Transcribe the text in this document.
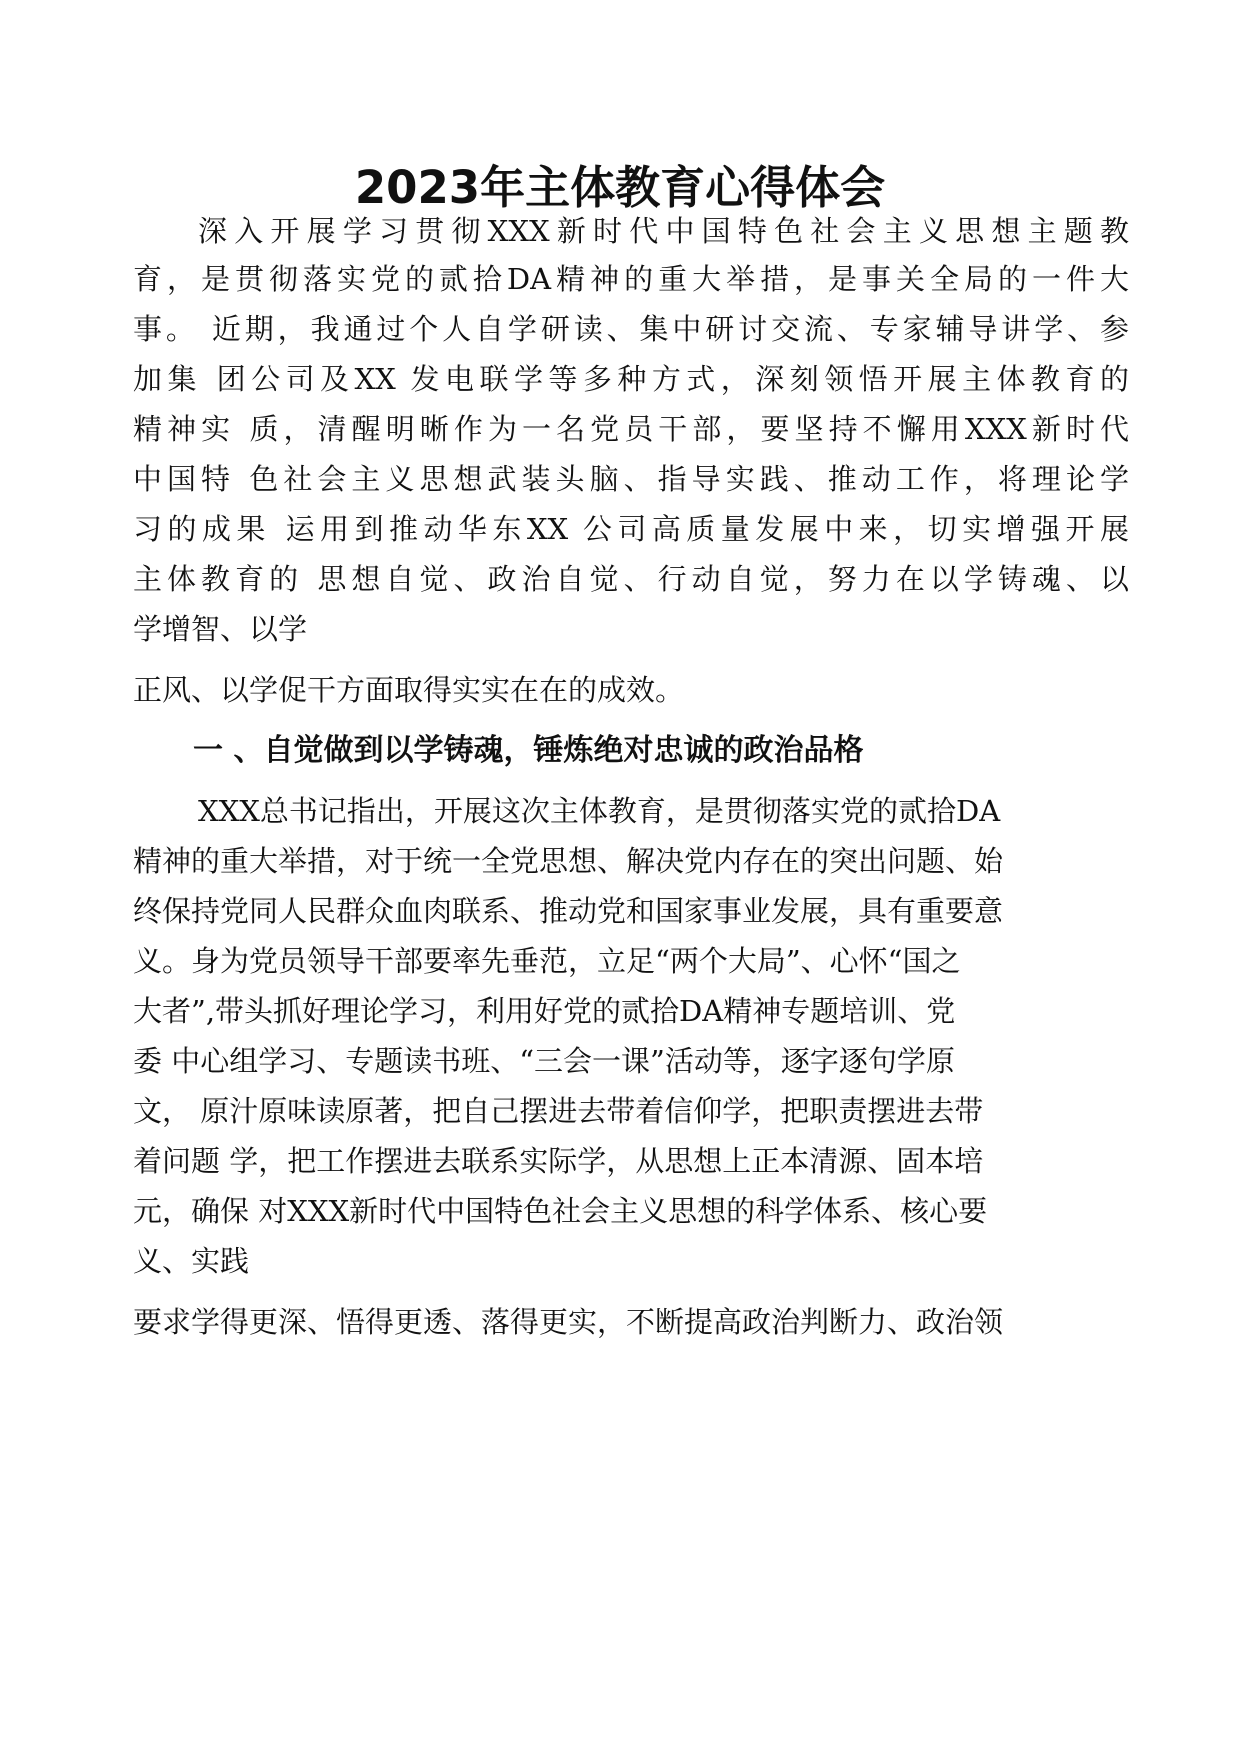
2023年主体教育心得体会

深入开展学习贯彻XXX新时代中国特色社会主义思想主题教

育，是贯彻落实党的贰拾DA精神的重大举措，是事关全局的一件大

事。 近期，我通过个人自学研读、集中研讨交流、专家辅导讲学、参

加集 团公司及XX 发电联学等多种方式，深刻领悟开展主体教育的

精神实 质，清醒明晰作为一名党员干部，要坚持不懈用XXX新时代

中国特 色社会主义思想武装头脑、指导实践、推动工作，将理论学

习的成果 运用到推动华东XX 公司高质量发展中来，切实增强开展

主体教育的 思想自觉、政治自觉、行动自觉，努力在以学铸魂、以

学增智、以学

正风、以学促干方面取得实实在在的成效。

一 、自觉做到以学铸魂，锤炼绝对忠诚的政治品格

XXX总书记指出，开展这次主体教育，是贯彻落实党的贰拾DA

精神的重大举措，对于统一全党思想、解决党内存在的突出问题、始

终保持党同人民群众血肉联系、推动党和国家事业发展，具有重要意

义。身为党员领导干部要率先垂范，立足“两个大局”、心怀“国之

大者”,带头抓好理论学习，利用好党的贰拾DA精神专题培训、党

委 中心组学习、专题读书班、“三会一课”活动等，逐字逐句学原

文， 原汁原味读原著，把自己摆进去带着信仰学，把职责摆进去带

着问题 学，把工作摆进去联系实际学，从思想上正本清源、固本培

元，确保 对XXX新时代中国特色社会主义思想的科学体系、核心要

义、实践

要求学得更深、悟得更透、落得更实，不断提高政治判断力、政治领
